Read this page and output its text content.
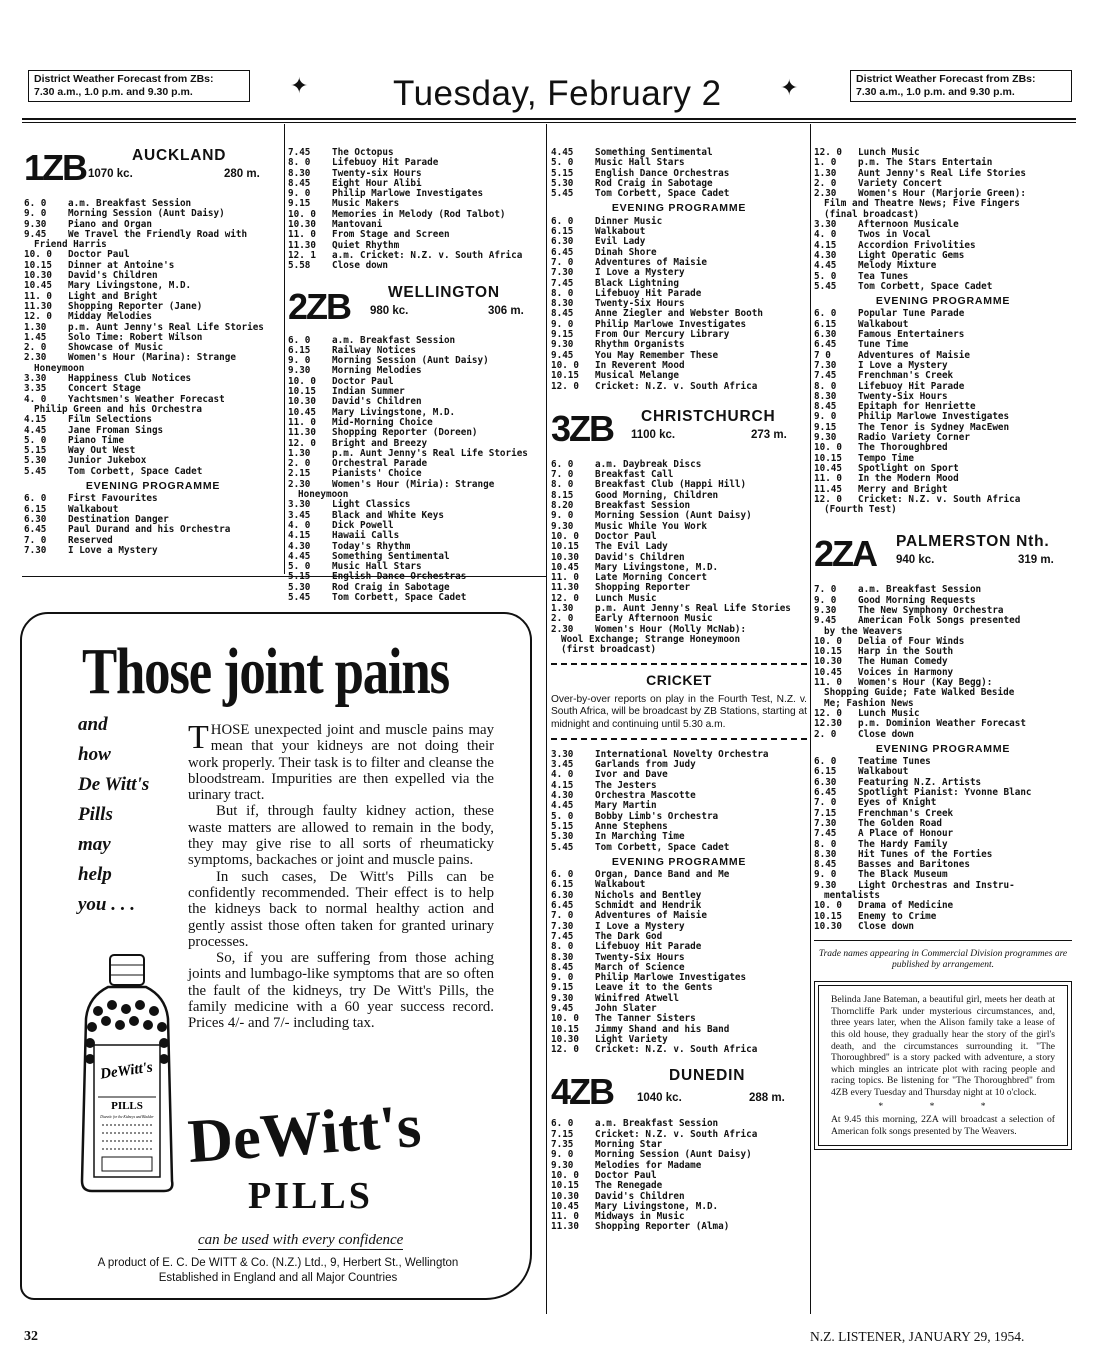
District Weather Forecast from ZBs:
7.30 a.m., 1.0 p.m. and 9.30 p.m.	✦ Tuesday, February 2	✦	District Weather Forecast from ZBs:
7.30 a.m., 1.0 p.m. and 9.30 p.m.
1ZB	AUCKLAND
1070 kc.	280 m.
6. 0	a.m. Breakfast Session
9. 0	Morning Session (Aunt Daisy)
9.30	Piano and Organ
9.45	We Travel the Friendly Road with
Friend Harris
10. 0	Doctor Paul
10.15	Dinner at Antoine's
10.30	David's Children
10.45	Mary Livingstone, M.D.
11. 0	Light and Bright
11.30	Shopping Reporter (Jane)
12. 0	Midday Melodies
1.30	p.m. Aunt Jenny's Real Life Stories
1.45	Solo Time: Robert Wilson
2. 0	Showcase of Music
2.30	Women's Hour (Marina): Strange
Honeymoon
3.30	Happiness Club Notices
3.35	Concert Stage
4. 0	Yachtsmen's Weather Forecast
Philip Green and his Orchestra
4.15	Film Selections
4.45	Jane Froman Sings
5. 0	Piano Time
5.15	Way Out West
5.30	Junior Jukebox
5.45	Tom Corbett, Space Cadet
EVENING PROGRAMME
6. 0	First Favourites
6.15	Walkabout
6.30	Destination Danger
6.45	Paul Durand and his Orchestra
7. 0	Reserved
7.30	I Love a Mystery
7.45	The Octopus
8. 0	Lifebuoy Hit Parade
8.30	Twenty-six Hours
8.45	Eight Hour Alibi
9. 0	Philip Marlowe Investigates
9.15	Music Makers
10. 0	Memories in Melody (Rod Talbot)
10.30	Mantovani
11. 0	From Stage and Screen
11.30	Quiet Rhythm
12. 1	a.m. Cricket: N.Z. v. South Africa
5.58	Close down
2ZB WELLINGTON
980 kc.	306 m.
6. 0	a.m. Breakfast Session
6.15	Railway Notices
9. 0	Morning Session (Aunt Daisy)
9.30	Morning Melodies
10. 0	Doctor Paul
10.15	Indian Summer
10.30	David's Children
10.45	Mary Livingstone, M.D.
11. 0	Mid-Morning Choice
11.30	Shopping Reporter (Doreen)
12. 0	Bright and Breezy
1.30	p.m. Aunt Jenny's Real Life Stories
2. 0	Orchestral Parade
2.15	Pianists' Choice
2.30	Women's Hour (Miria): Strange
Honeymoon
3.30	Light Classics
3.45	Black and White Keys
4. 0	Dick Powell
4.15	Hawaii Calls
4.30	Today's Rhythm
4.45	Something Sentimental
5. 0	Music Hall Stars
5.15	English Dance Orchestras
5.30	Rod Craig in Sabotage
5.45	Tom Corbett, Space Cadet
4.45	Something Sentimental
5. 0	Music Hall Stars
5.15	English Dance Orchestras
5.30	Rod Craig in Sabotage
5.45	Tom Corbett, Space Cadet
EVENING PROGRAMME
6. 0	Dinner Music
6.15	Walkabout
6.30	Evil Lady
6.45	Dinah Shore
7. 0	Adventures of Maisie
7.30	I Love a Mystery
7.45	Black Lightning
8. 0	Lifebuoy Hit Parade
8.30	Twenty-Six Hours
8.45	Anne Ziegler and Webster Booth
9. 0	Philip Marlowe Investigates
9.15	From Our Mercury Library
9.30	Rhythm Organists
9.45	You May Remember These
10. 0	In Reverent Mood
10.15	Musical Melange
12. 0	Cricket: N.Z. v. South Africa
3ZB CHRISTCHURCH
1100 kc.	273 m.
6. 0	a.m. Daybreak Discs
7. 0	Breakfast Call
8. 0	Breakfast Club (Happi Hill)
8.15	Good Morning, Children
8.20	Breakfast Session
9. 0	Morning Session (Aunt Daisy)
9.30	Music While You Work
10. 0	Doctor Paul
10.15	The Evil Lady
10.30	David's Children
10.45	Mary Livingstone, M.D.
11. 0	Late Morning Concert
11.30	Shopping Reporter
12. 0	Lunch Music
1.30	p.m. Aunt Jenny's Real Life Stories
2. 0	Early Afternoon Music
2.30	Women's Hour (Molly McNab):
Wool Exchange; Strange Honeymoon
(first broadcast)
CRICKET

Over-by-over reports on play in the Fourth Test, N.Z. v. South Africa, will be broadcast by ZB Stations, starting at midnight and continuing until 5.30 a.m.

3.30	International Novelty Orchestra
3.45	Garlands from Judy
4. 0	Ivor and Dave
4.15	The Jesters
4.30	Orchestra Mascotte
4.45	Mary Martin
5. 0	Bobby Limb's Orchestra
5.15	Anne Stephens
5.30	In Marching Time
5.45	Tom Corbett, Space Cadet
EVENING PROGRAMME
6. 0	Organ, Dance Band and Me
6.15	Walkabout
6.30	Nichols and Bentley
6.45	Schmidt and Hendrik
7. 0	Adventures of Maisie
7.30	I Love a Mystery
7.45	The Dark God
8. 0	Lifebuoy Hit Parade
8.30	Twenty-Six Hours
8.45	March of Science
9. 0	Philip Marlowe Investigates
9.15	Leave it to the Gents
9.30	Winifred Atwell
9.45	John Slater
10. 0	The Tanner Sisters
10.15	Jimmy Shand and his Band
10.30	Light Variety
12. 0	Cricket: N.Z. v. South Africa
4ZB	DUNEDIN
1040 kc.	288 m.
6. 0	a.m. Breakfast Session
7.15	Cricket: N.Z. v. South Africa
7.35	Morning Star
9. 0	Morning Session (Aunt Daisy)
9.30	Melodies for Madame
10. 0	Doctor Paul
10.15	The Renegade
10.30	David's Children
10.45	Mary Livingstone, M.D.
11. 0	Midways in Music
11.30	Shopping Reporter (Alma)
12. 0	Lunch Music
1. 0	p.m. The Stars Entertain
1.30	Aunt Jenny's Real Life Stories
2. 0	Variety Concert
2.30	Women's Hour (Marjorie Green):
Film and Theatre News; Five Fingers
(final broadcast)
3.30	Afternoon Musicale
4. 0	Twos in Vocal
4.15	Accordion Frivolities
4.30	Light Operatic Gems
4.45	Melody Mixture
5. 0	Tea Tunes
5.45	Tom Corbett, Space Cadet
EVENING PROGRAMME
6. 0	Popular Tune Parade
6.15	Walkabout
6.30	Famous Entertainers
6.45	Tune Time
7 0	Adventures of Maisie
7.30	I Love a Mystery
7.45	Frenchman's Creek
8. 0	Lifebuoy Hit Parade
8.30	Twenty-Six Hours
8.45	Epitaph for Henriette
9. 0	Philip Marlowe Investigates
9.15	The Tenor is Sydney MacEwen
9.30	Radio Variety Corner
10. 0	The Thoroughbred
10.15	Tempo Time
10.45	Spotlight on Sport
11. 0	In the Modern Mood
11.45	Merry and Bright
12. 0	Cricket: N.Z. v. South Africa
(Fourth Test)
2ZA PALMERSTON Nth.
940 kc.	319 m.
7. 0	a.m. Breakfast Session
9. 0	Good Morning Requests
9.30	The New Symphony Orchestra
9.45	American Folk Songs presented
by the Weavers
10. 0	Delia of Four Winds
10.15	Harp in the South
10.30	The Human Comedy
10.45	Voices in Harmony
11. 0	Women's Hour (Kay Begg):
Shopping Guide; Fate Walked Beside
Me; Fashion News
12. 0	Lunch Music
12.30	p.m. Dominion Weather Forecast
2. 0	Close down
EVENING PROGRAMME
6. 0	Teatime Tunes
6.15	Walkabout
6.30	Featuring N.Z. Artists
6.45	Spotlight Pianist: Yvonne Blanc
7. 0	Eyes of Knight
7.15	Frenchman's Creek
7.30	The Golden Road
7.45	A Place of Honour
8. 0	The Hardy Family
8.30	Hit Tunes of the Forties
8.45	Basses and Baritones
9. 0	The Black Museum
9.30	Light Orchestras and Instru-
mentalists
10. 0	Drama of Medicine
10.15	Enemy to Crime
10.30	Close down
Trade names appearing in Commercial Division programmes are published by arrangement.
Belinda Jane Bateman, a beautiful girl, meets her death at Thorncliffe Park under mysterious circumstances, and, three years later, when the Alison family take a lease of this old house, they gradually hear the story of the girl's death, and the circumstances surrounding it. "The Thoroughbred" is a story packed with adventure, a story which mingles an intricate plot with racing people and racing topics. Be listening for "The Thoroughbred" from 4ZB every Tuesday and Thursday night at 10 o'clock.
* * *
At 9.45 this morning, 2ZA will broadcast a selection of American folk songs presented by The Weavers.
Those joint pains
and
how
De Witt's
Pills
may
help
you . . .

THOSE unexpected joint and muscle pains may mean that your kidneys are not doing their work properly. Their task is to filter and cleanse the bloodstream. Impurities are then expelled via the urinary tract.

But if, through faulty kidney action, these waste matters are allowed to remain in the body, they may give rise to all sorts of rheumaticky symptoms, backaches or joint and muscle pains.

In such cases, De Witt's Pills can be confidently recommended. Their effect is to help the kidneys back to normal healthy action and gently assist those often taken for granted urinary processes.

So, if you are suffering from those aching joints and lumbago-like symptoms that are so often the fault of the kidneys, try De Witt's Pills, the family medicine with a 60 year success record. Prices 4/- and 7/- including tax.

DeWitt's
PILLS
Diuretic for the Kidneys and Bladder DeWitt's
PILLS
can be used with every confidence
A product of E. C. De WITT & Co. (N.Z.) Ltd., 9, Herbert St., Wellington
Established in England and all Major Countries
32	N.Z. LISTENER, JANUARY 29, 1954.
